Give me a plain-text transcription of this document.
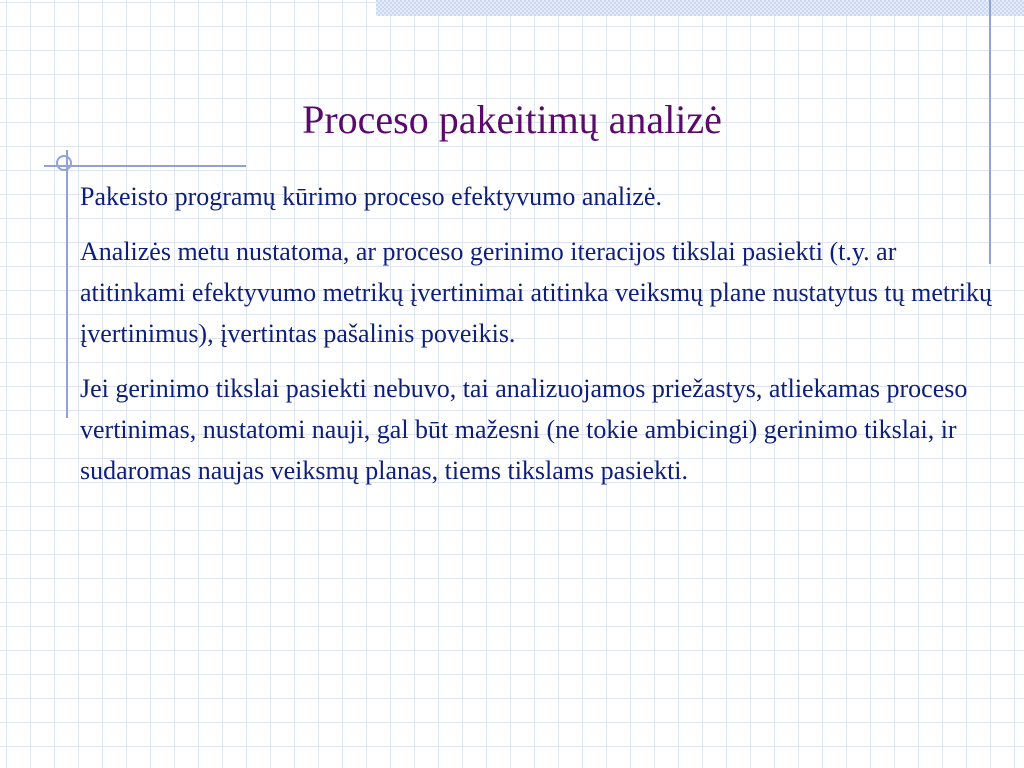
Proceso pakeitimų analizė

Pakeisto programų kūrimo proceso efektyvumo analizė.

Analizės metu nustatoma, ar proceso gerinimo iteracijos tikslai pasiekti (t.y. ar atitinkami efektyvumo metrikų įvertinimai atitinka veiksmų plane nustatytus tų metrikų įvertinimus), įvertintas pašalinis poveikis.

Jei gerinimo tikslai pasiekti nebuvo, tai analizuojamos priežastys, atliekamas proceso vertinimas, nustatomi nauji, gal būt mažesni (ne tokie ambicingi) gerinimo tikslai, ir sudaromas naujas veiksmų planas, tiems tikslams pasiekti.
